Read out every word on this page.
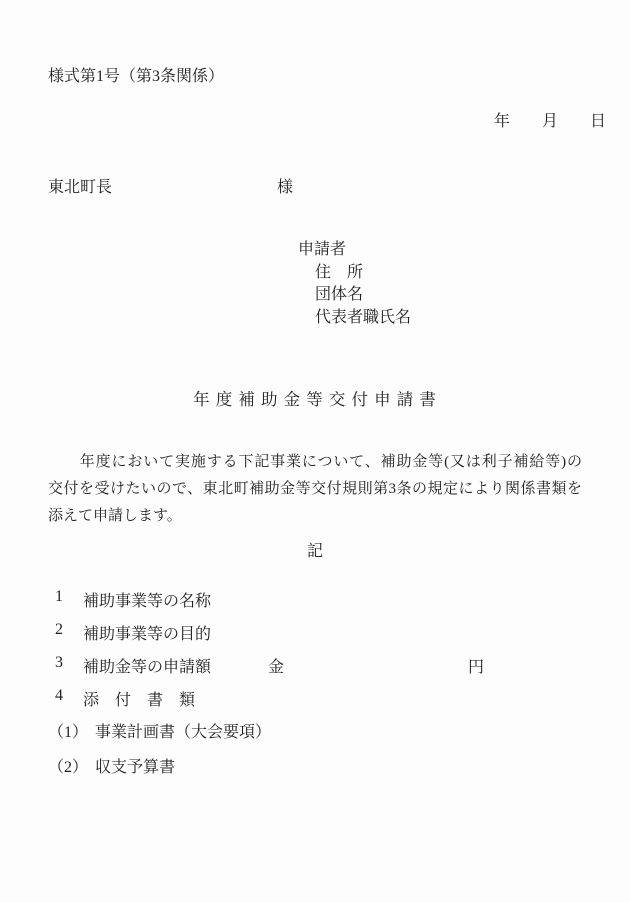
様式第1号（第3条関係）
年　　月　　日
東北町長	様
申請者
住　所
団体名
代表者職氏名
年 度 補 助 金 等 交 付 申 請 書
　　年度において実施する下記事業について、補助金等(又は利子補給等)の
交付を受けたいので、東北町補助金等交付規則第3条の規定により関係書類を
添えて申請します。
記
1 補助事業等の名称
2 補助事業等の目的
3 補助金等の申請額	金	円
4 添　付　書　類
（1） 事業計画書（大会要項）
（2） 収支予算書
